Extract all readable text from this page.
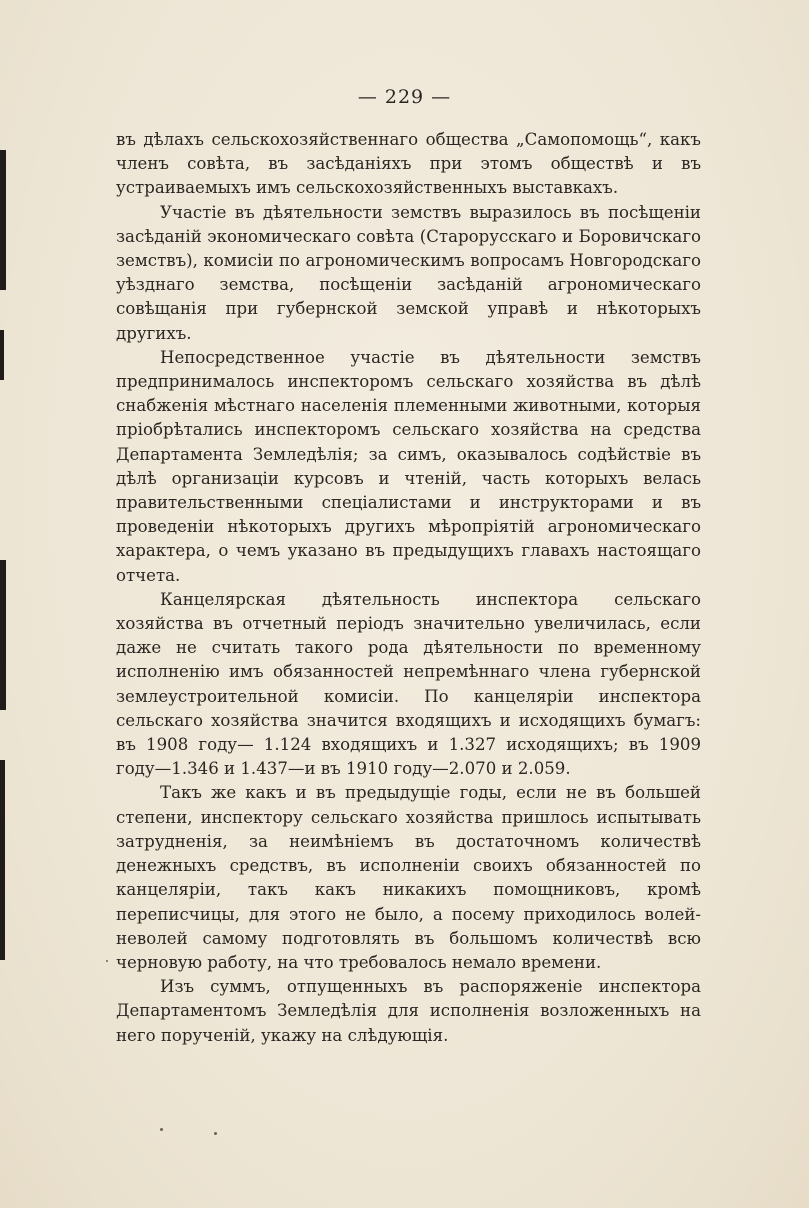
— 229 —

въ дѣлахъ сельскохозяйственнаго общества „Самопомощь“, какъ членъ совѣта, въ засѣданіяхъ при этомъ обществѣ и въ устраиваемыхъ имъ сельскохозяйственныхъ выставкахъ.

Участіе въ дѣятельности земствъ выразилось въ посѣщеніи засѣданій экономическаго совѣта (Старорусскаго и Боровичскаго земствъ), комисіи по агрономическимъ вопросамъ Новгородскаго уѣзднаго земства, посѣщеніи засѣданій агрономическаго совѣщанія при губернской земской управѣ и нѣкоторыхъ другихъ.

Непосредственное участіе въ дѣятельности земствъ предпринималось инспекторомъ сельскаго хозяйства въ дѣлѣ снабженія мѣстнаго населенія племенными животными, которыя пріобрѣтались инспекторомъ сельскаго хозяйства на средства Департамента Земледѣлія; за симъ, оказывалось содѣйствіе въ дѣлѣ организаціи курсовъ и чтеній, часть которыхъ велась правительственными спеціалистами и инструкторами и въ проведеніи нѣкоторыхъ другихъ мѣропріятій агрономическаго характера, о чемъ указано въ предыдущихъ главахъ настоящаго отчета.

Канцелярская дѣятельность инспектора сельскаго хозяйства въ отчетный періодъ значительно увеличилась, если даже не считать такого рода дѣятельности по временному исполненію имъ обязанностей непремѣннаго члена губернской землеустроительной комисіи. По канцеляріи инспектора сельскаго хозяйства значится входящихъ и исходящихъ бумагъ: въ 1908 году— 1.124 входящихъ и 1.327 исходящихъ; въ 1909 году—1.346 и 1.437—и въ 1910 году—2.070 и 2.059.

Такъ же какъ и въ предыдущіе годы, если не въ большей степени, инспектору сельскаго хозяйства пришлось испытывать затрудненія, за неимѣніемъ въ достаточномъ количествѣ денежныхъ средствъ, въ исполненіи своихъ обязанностей по канцеляріи, такъ какъ никакихъ помощниковъ, кромѣ переписчицы, для этого не было, а посему приходилось волей-неволей самому подготовлять въ большомъ количествѣ всю черновую работу, на что требовалось немало времени.

Изъ суммъ, отпущенныхъ въ распоряженіе инспектора Департаментомъ Земледѣлія для исполненія возложенныхъ на него порученій, укажу на слѣдующія.
